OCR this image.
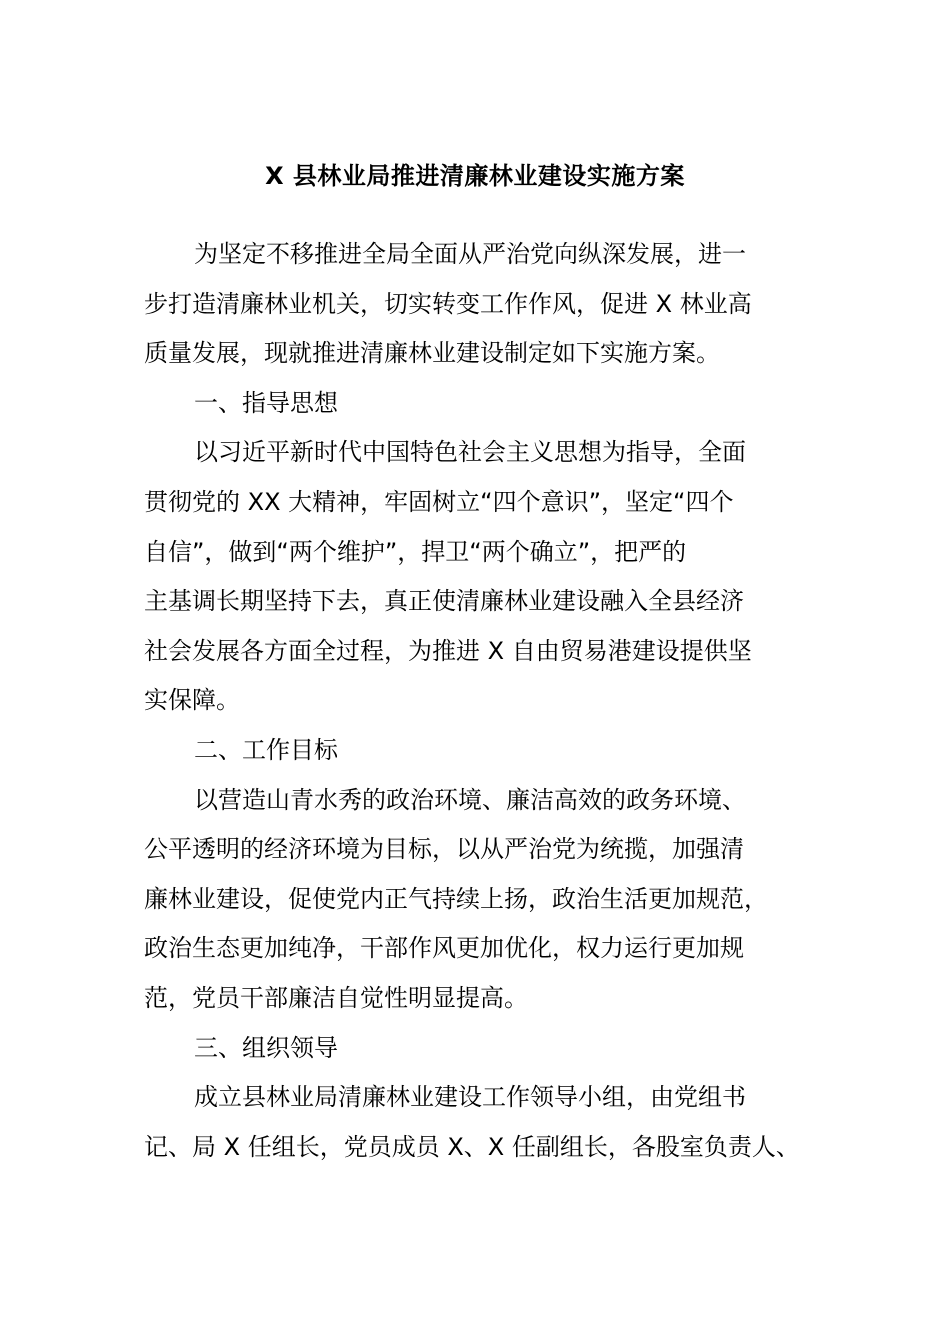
X 县林业局推进清廉林业建设实施方案
为坚定不移推进全局全面从严治党向纵深发展，进一
步打造清廉林业机关，切实转变工作作风，促进 X 林业高
质量发展，现就推进清廉林业建设制定如下实施方案。
一、指导思想
以习近平新时代中国特色社会主义思想为指导，全面
贯彻党的 XX 大精神，牢固树立“四个意识”，坚定“四个
自信”，做到“两个维护”，捍卫“两个确立”，把严的
主基调长期坚持下去，真正使清廉林业建设融入全县经济
社会发展各方面全过程，为推进 X 自由贸易港建设提供坚
实保障。
二、工作目标
以营造山青水秀的政治环境、廉洁高效的政务环境、
公平透明的经济环境为目标，以从严治党为统揽，加强清
廉林业建设，促使党内正气持续上扬，政治生活更加规范，
政治生态更加纯净，干部作风更加优化，权力运行更加规
范，党员干部廉洁自觉性明显提高。
三、组织领导
成立县林业局清廉林业建设工作领导小组，由党组书
记、局 X 任组长，党员成员 X、X 任副组长，各股室负责人、
